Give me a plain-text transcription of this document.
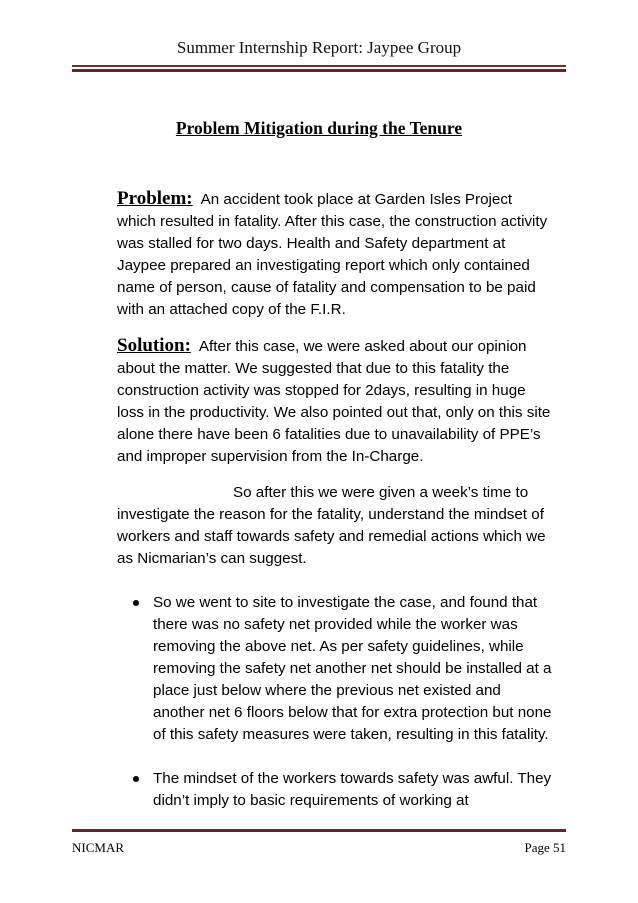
Summer Internship Report: Jaypee Group
Problem Mitigation during the Tenure

Problem: An accident took place at Garden Isles Project which resulted in fatality. After this case, the construction activity was stalled for two days. Health and Safety department at Jaypee prepared an investigating report which only contained name of person, cause of fatality and compensation to be paid with an attached copy of the F.I.R.

Solution: After this case, we were asked about our opinion about the matter. We suggested that due to this fatality the construction activity was stopped for 2days, resulting in huge loss in the productivity. We also pointed out that, only on this site alone there have been 6 fatalities due to unavailability of PPE’s and improper supervision from the In-Charge.

So after this we were given a week’s time to investigate the reason for the fatality, understand the mindset of workers and staff towards safety and remedial actions which we as Nicmarian’s can suggest.

So we went to site to investigate the case, and found that there was no safety net provided while the worker was removing the above net. As per safety guidelines, while removing the safety net another net should be installed at a place just below where the previous net existed and another net 6 floors below that for extra protection but none of this safety measures were taken, resulting in this fatality.
The mindset of the workers towards safety was awful. They didn’t imply to basic requirements of working at
NICMAR	Page 51
